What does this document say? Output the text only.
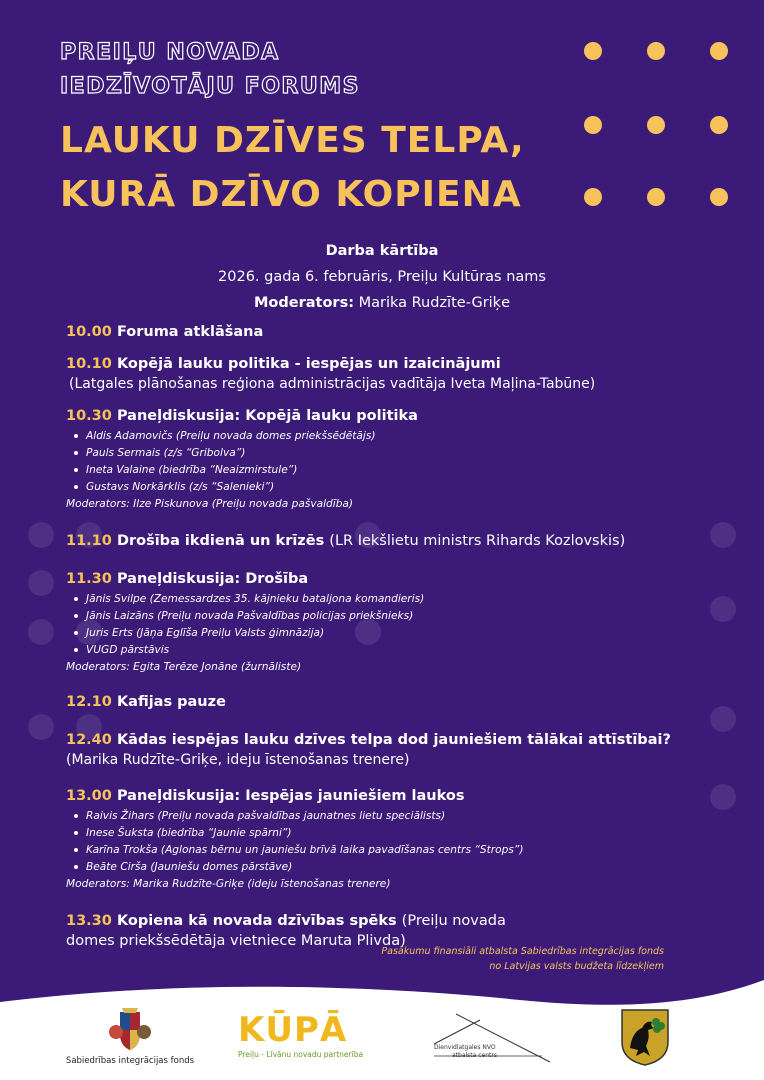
PREIĻU NOVADA
IEDZĪVOTĀJU FORUMS
LAUKU DZĪVES TELPA,
KURĀ DZĪVO KOPIENA
Darba kārtība
2026. gada 6. februāris, Preiļu Kultūras nams
Moderators: Marika Rudzīte-Griķe
10.00 Foruma atklāšana
10.10 Kopējā lauku politika - iespējas un izaicinājumi
(Latgales plānošanas reģiona administrācijas vadītāja Iveta Maļina-Tabūne)
10.30 Paneļdiskusija: Kopējā lauku politika
Aldis Adamovičs (Preiļu novada domes priekšsēdētājs)
Pauls Sermais (z/s “Gribolva”)
Ineta Valaine (biedrība “Neaizmirstule”)
Gustavs Norkārklis (z/s “Salenieki”)
Moderators: Ilze Piskunova (Preiļu novada pašvaldība)
11.10 Drošība ikdienā un krīzēs (LR Iekšlietu ministrs Rihards Kozlovskis)
11.30 Paneļdiskusija: Drošība
Jānis Svilpe (Zemessardzes 35. kājnieku bataljona komandieris)
Jānis Laizāns (Preiļu novada Pašvaldības policijas priekšnieks)
Juris Erts (Jāņa Eglīša Preiļu Valsts ģimnāzija)
VUGD pārstāvis
Moderators: Egita Terēze Jonāne (žurnāliste)
12.10 Kafijas pauze
12.40 Kādas iespējas lauku dzīves telpa dod jauniešiem tālākai attīstībai?
(Marika Rudzīte-Griķe, ideju īstenošanas trenere)
13.00 Paneļdiskusija: Iespējas jauniešiem laukos
Raivis Žihars (Preiļu novada pašvaldības jaunatnes lietu speciālists)
Inese Šuksta (biedrība “Jaunie spārni”)
Karīna Trokša (Aglonas bērnu un jauniešu brīvā laika pavadīšanas centrs “Strops”)
Beāte Cirša (Jauniešu domes pārstāve)
Moderators: Marika Rudzīte-Griķe (ideju īstenošanas trenere)
13.30 Kopiena kā novada dzīvības spēks (Preiļu novada domes priekšsēdētāja vietniece Maruta Plivda)
Pasākumu finansiāli atbalsta Sabiedrības integrācijas fonds
no Latvijas valsts budžeta līdzekļiem
Sabiedrības integrācijas fonds
KŪPĀ
Preiļu - Līvānu novadu partnerība
Dienvidlatgales NVO
atbalsta centrs
